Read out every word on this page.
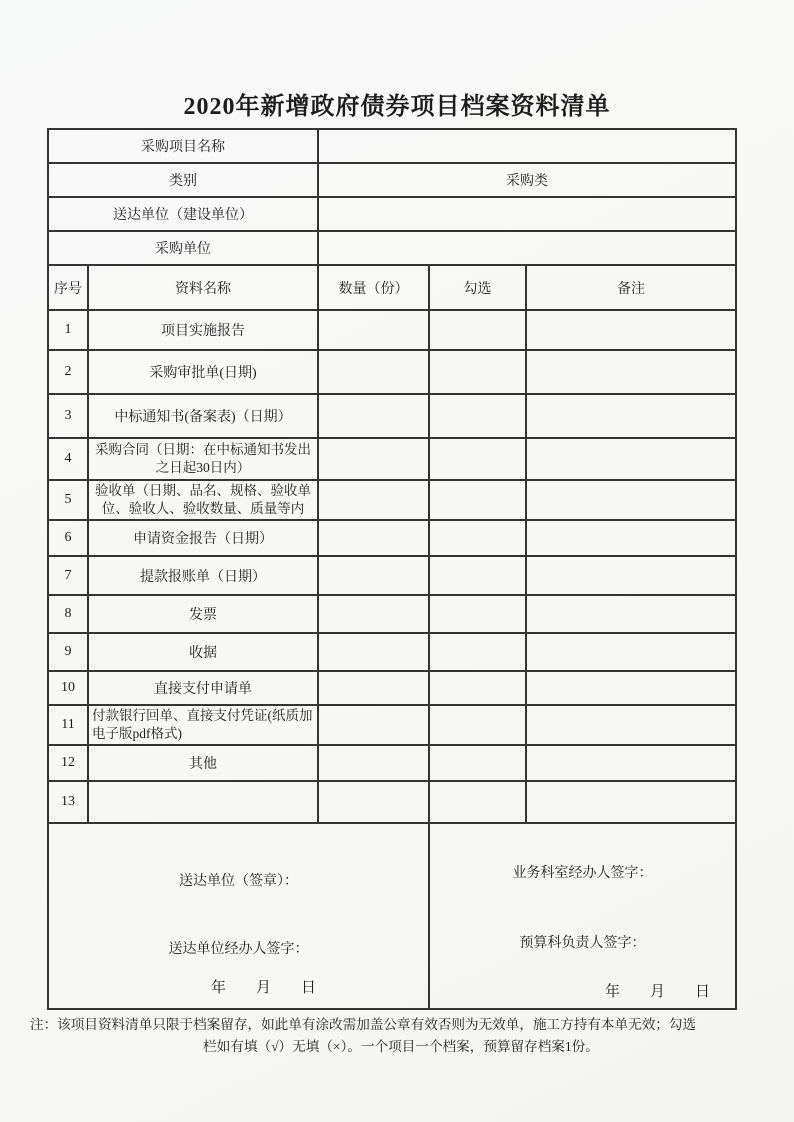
2020年新增政府债券项目档案资料清单
采购项目名称				
类别		采购类		
送达单位（建设单位）				
采购单位				
序号	资料名称	数量（份）	勾选	备注
1	项目实施报告			
2	采购审批单(日期)			
3	中标通知书(备案表)（日期）			
4	采购合同（日期：在中标通知书发出之日起30日内）			
5	验收单（日期、品名、规格、验收单位、验收人、验收数量、质量等内			
6	申请资金报告（日期）			
7	提款报账单（日期）			
8	发票			
9	收据			
10	直接支付申请单			
11	付款银行回单、直接支付凭证(纸质加电子版pdf格式)			
12	其他			
13				

送达单位（签章）：
送达单位经办人签字：
年　　月　　日

业务科室经办人签字：
预算科负责人签字：
年　　月　　日
注：该项目资料清单只限于档案留存，如此单有涂改需加盖公章有效否则为无效单，施工方持有本单无效；勾选
栏如有填（√）无填（×）。一个项目一个档案，预算留存档案1份。
